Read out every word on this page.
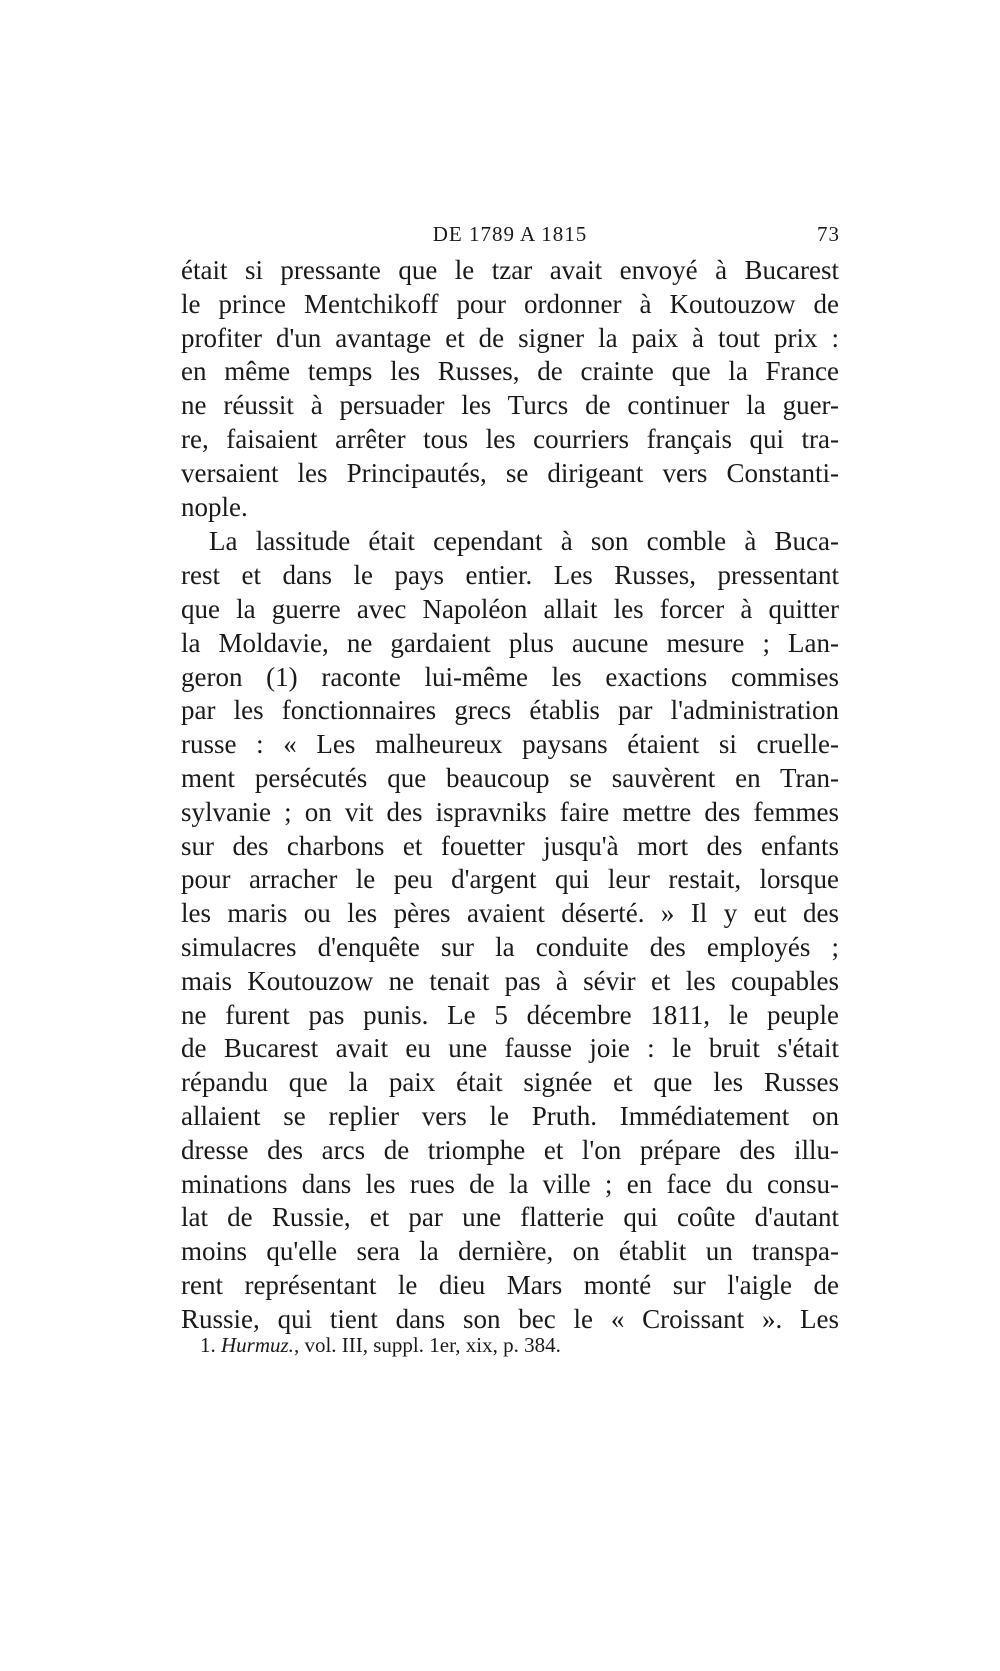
DE 1789 A 1815	73
était si pressante que le tzar avait envoyé à Bucarest
le prince Mentchikoff pour ordonner à Koutouzow de
profiter d'un avantage et de signer la paix à tout prix :
en même temps les Russes, de crainte que la France
ne réussit à persuader les Turcs de continuer la guer-
re, faisaient arrêter tous les courriers français qui tra-
versaient les Principautés, se dirigeant vers Constanti-
nople.
La lassitude était cependant à son comble à Buca-
rest et dans le pays entier. Les Russes, pressentant
que la guerre avec Napoléon allait les forcer à quitter
la Moldavie, ne gardaient plus aucune mesure ; Lan-
geron (1) raconte lui-même les exactions commises
par les fonctionnaires grecs établis par l'administration
russe : « Les malheureux paysans étaient si cruelle-
ment persécutés que beaucoup se sauvèrent en Tran-
sylvanie ; on vit des ispravniks faire mettre des femmes
sur des charbons et fouetter jusqu'à mort des enfants
pour arracher le peu d'argent qui leur restait, lorsque
les maris ou les pères avaient déserté. » Il y eut des
simulacres d'enquête sur la conduite des employés ;
mais Koutouzow ne tenait pas à sévir et les coupables
ne furent pas punis. Le 5 décembre 1811, le peuple
de Bucarest avait eu une fausse joie : le bruit s'était
répandu que la paix était signée et que les Russes
allaient se replier vers le Pruth. Immédiatement on
dresse des arcs de triomphe et l'on prépare des illu-
minations dans les rues de la ville ; en face du consu-
lat de Russie, et par une flatterie qui coûte d'autant
moins qu'elle sera la dernière, on établit un transpa-
rent représentant le dieu Mars monté sur l'aigle de
Russie, qui tient dans son bec le « Croissant ». Les
1. Hurmuz., vol. III, suppl. 1er, xix, p. 384.
